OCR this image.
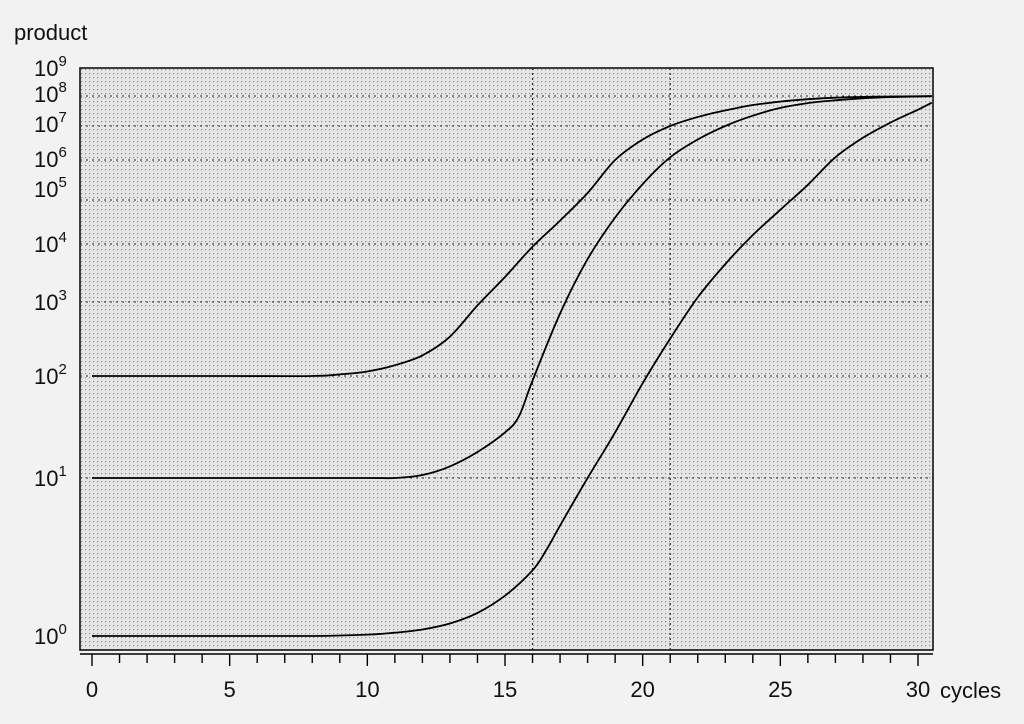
0	5	10	15	20	25	30
$10^0$
$10^1$
$10^2$
$10^3$
$10^4$
$10^5$
$10^6$
$10^7$
$10^8$
$10^9$
product
cycles
